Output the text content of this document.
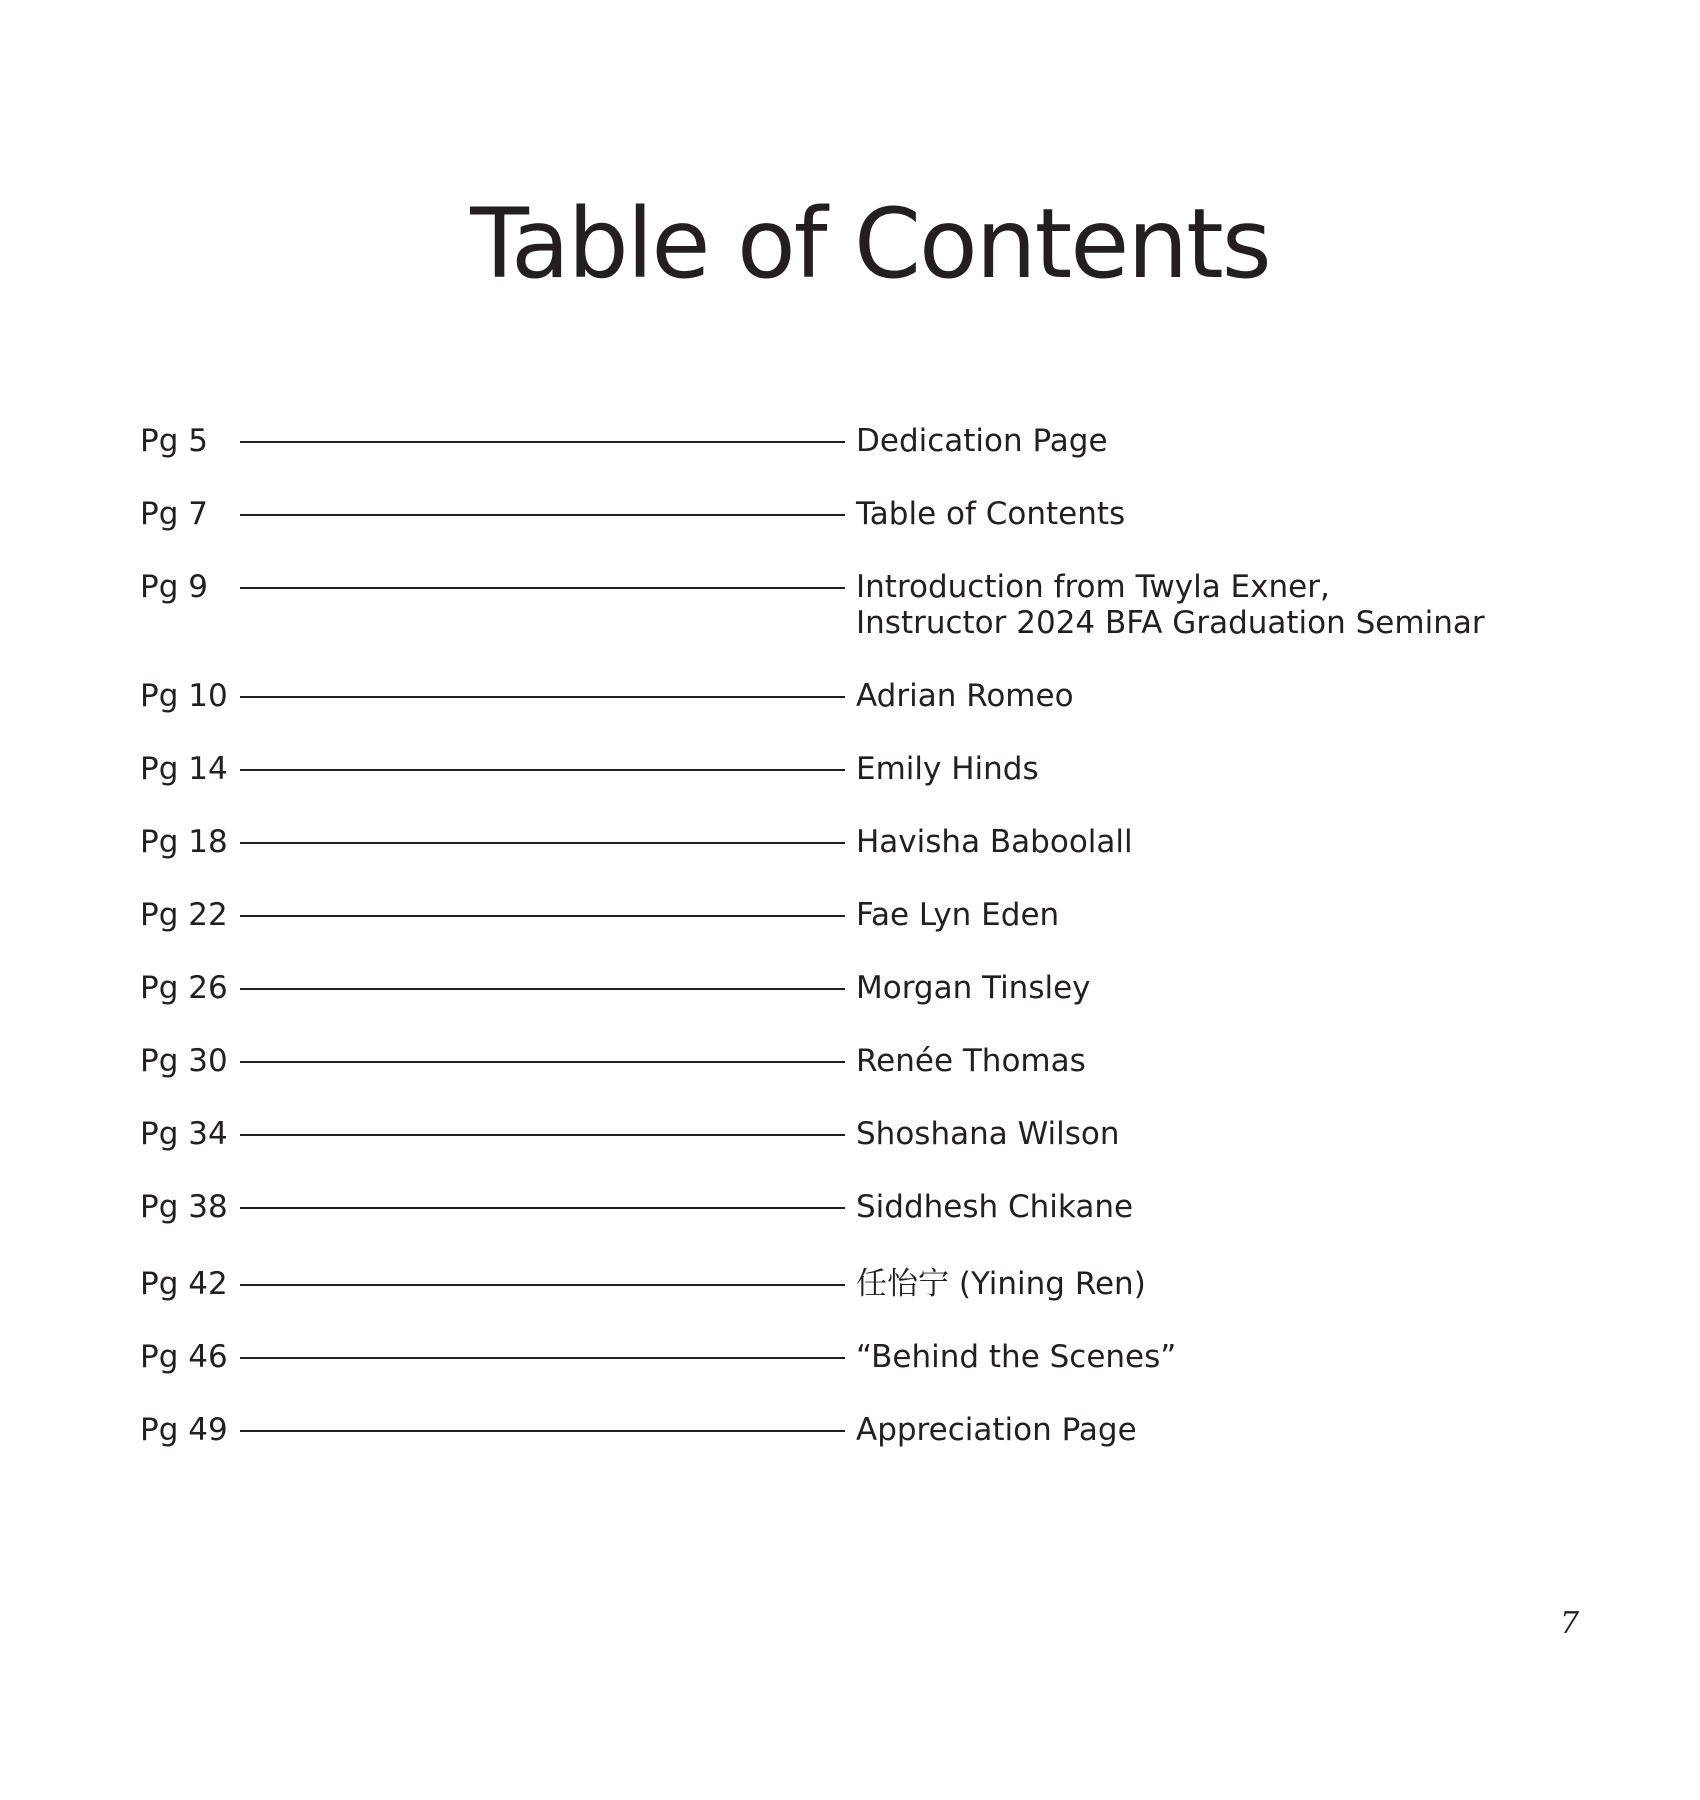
Table of Contents
Pg 5	Dedication Page
Pg 7	Table of Contents
Pg 9	Introduction from Twyla Exner,
Instructor 2024 BFA Graduation Seminar
Pg 10	Adrian Romeo
Pg 14	Emily Hinds
Pg 18	Havisha Baboolall
Pg 22	Fae Lyn Eden
Pg 26	Morgan Tinsley
Pg 30	Renée Thomas
Pg 34	Shoshana Wilson
Pg 38	Siddhesh Chikane
Pg 42	任怡宁 (Yining Ren)
Pg 46	“Behind the Scenes”
Pg 49	Appreciation Page
7
